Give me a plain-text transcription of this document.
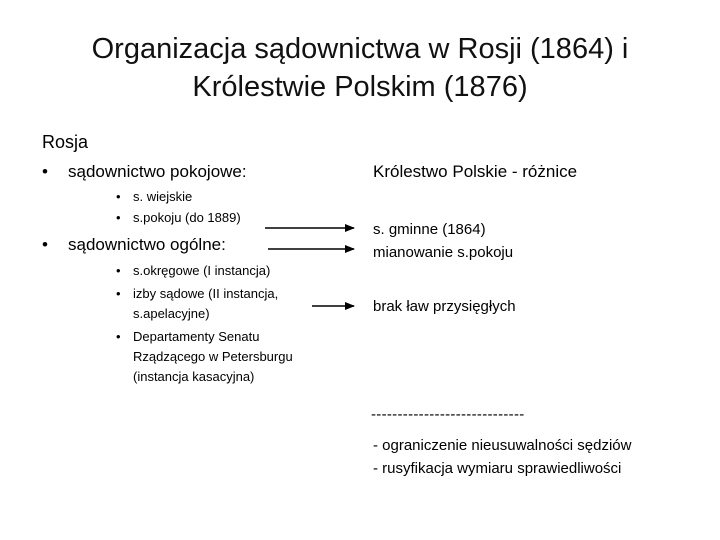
Organizacja sądownictwa w Rosji (1864) i
Królestwie Polskim (1876)
Rosja
• sądownictwo pokojowe:
• s. wiejskie
• s.pokoju (do 1889)
• sądownictwo ogólne:
• s.okręgowe (I instancja)
• izby sądowe (II instancja, s.apelacyjne)
• Departamenty Senatu Rządzącego w Petersburgu (instancja kasacyjna)
Królestwo Polskie - różnice
s. gminne (1864)
mianowanie s.pokoju
brak ław przysięgłych
-----------------------------
- ograniczenie nieusuwalności sędziów
- rusyfikacja wymiaru sprawiedliwości
